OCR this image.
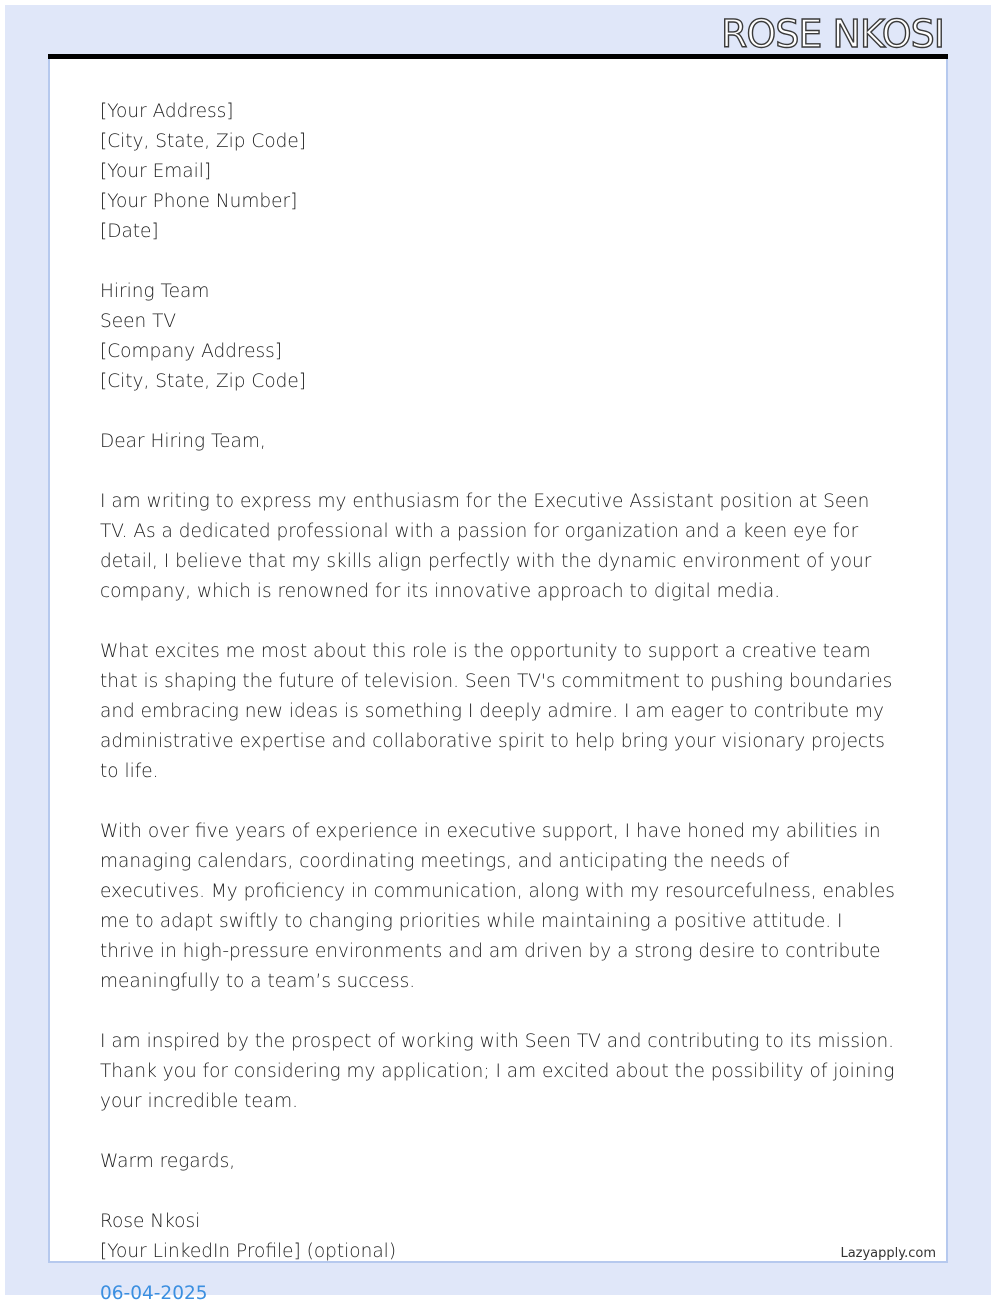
ROSE NKOSI
[Your Address]
[City, State, Zip Code]
[Your Email]
[Your Phone Number]
[Date]
Hiring Team
Seen TV
[Company Address]
[City, State, Zip Code]
Dear Hiring Team,
I am writing to express my enthusiasm for the Executive Assistant position at Seen TV. As a dedicated professional with a passion for organization and a keen eye for detail, I believe that my skills align perfectly with the dynamic environment of your company, which is renowned for its innovative approach to digital media.
What excites me most about this role is the opportunity to support a creative team that is shaping the future of television. Seen TV's commitment to pushing boundaries and embracing new ideas is something I deeply admire. I am eager to contribute my administrative expertise and collaborative spirit to help bring your visionary projects to life.
With over five years of experience in executive support, I have honed my abilities in managing calendars, coordinating meetings, and anticipating the needs of executives. My proficiency in communication, along with my resourcefulness, enables me to adapt swiftly to changing priorities while maintaining a positive attitude. I thrive in high-pressure environments and am driven by a strong desire to contribute meaningfully to a team’s success.
I am inspired by the prospect of working with Seen TV and contributing to its mission. Thank you for considering my application; I am excited about the possibility of joining your incredible team.
Warm regards,
Rose Nkosi
[Your LinkedIn Profile] (optional)	Lazyapply.com
06-04-2025
